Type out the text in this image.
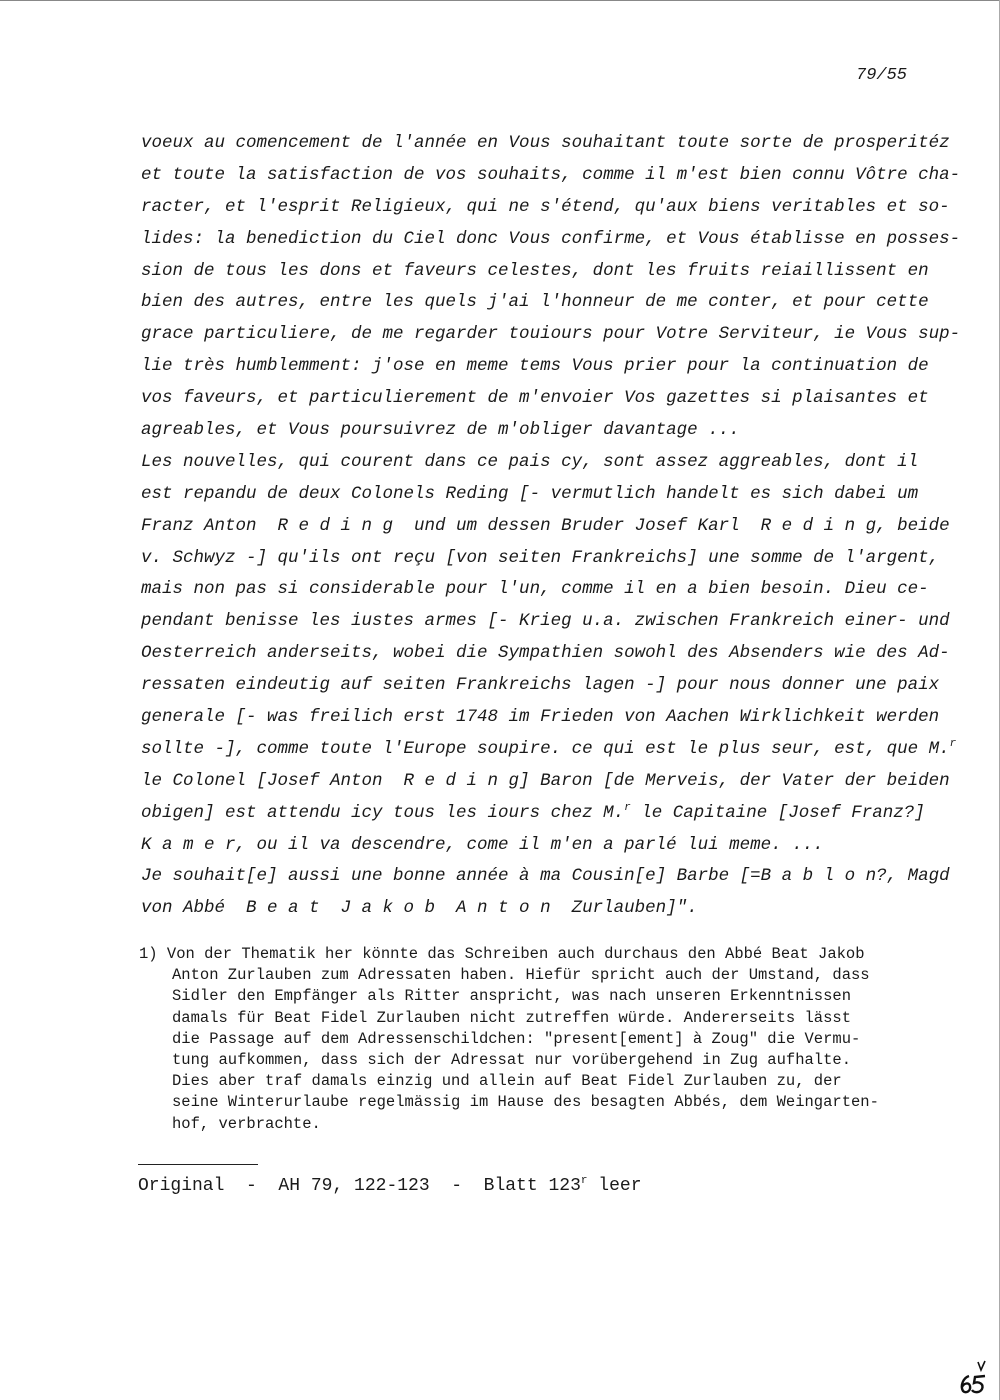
79/55
voeux au comencement de l'année en Vous souhaitant toute sorte de prosperitéz
et toute la satisfaction de vos souhaits, comme il m'est bien connu Vôtre cha-
racter, et l'esprit Religieux, qui ne s'étend, qu'aux biens veritables et so-
lides: la benediction du Ciel donc Vous confirme, et Vous établisse en posses-
sion de tous les dons et faveurs celestes, dont les fruits reiaillissent en
bien des autres, entre les quels j'ai l'honneur de me conter, et pour cette
grace particuliere, de me regarder touiours pour Votre Serviteur, ie Vous sup-
lie très humblemment: j'ose en meme tems Vous prier pour la continuation de
vos faveurs, et particulierement de m'envoier Vos gazettes si plaisantes et
agreables, et Vous poursuivrez de m'obliger davantage ...
Les nouvelles, qui courent dans ce pais cy, sont assez aggreables, dont il
est repandu de deux Colonels Reding [- vermutlich handelt es sich dabei um
Franz Anton  R e d i n g  und um dessen Bruder Josef Karl  R e d i n g, beide
v. Schwyz -] qu'ils ont reçu [von seiten Frankreichs] une somme de l'argent,
mais non pas si considerable pour l'un, comme il en a bien besoin. Dieu ce-
pendant benisse les iustes armes [- Krieg u.a. zwischen Frankreich einer- und
Oesterreich anderseits, wobei die Sympathien sowohl des Absenders wie des Ad-
ressaten eindeutig auf seiten Frankreichs lagen -] pour nous donner une paix
generale [- was freilich erst 1748 im Frieden von Aachen Wirklichkeit werden
sollte -], comme toute l'Europe soupire. ce qui est le plus seur, est, que M.$^r$
le Colonel [Josef Anton  R e d i n g] Baron [de Merveis, der Vater der beiden
obigen] est attendu icy tous les iours chez M.$^r$ le Capitaine [Josef Franz?]
K a m e r, ou il va descendre, come il m'en a parlé lui meme. ...
Je souhait[e] aussi une bonne année à ma Cousin[e] Barbe [=B a b l o n?, Magd
von Abbé  B e a t  J a k o b  A n t o n  Zurlauben]".
1) Von der Thematik her könnte das Schreiben auch durchaus den Abbé Beat Jakob
Anton Zurlauben zum Adressaten haben. Hiefür spricht auch der Umstand, dass
Sidler den Empfänger als Ritter anspricht, was nach unseren Erkenntnissen
damals für Beat Fidel Zurlauben nicht zutreffen würde. Andererseits lässt
die Passage auf dem Adressenschildchen: "present[ement] à Zoug" die Vermu-
tung aufkommen, dass sich der Adressat nur vorübergehend in Zug aufhalte.
Dies aber traf damals einzig und allein auf Beat Fidel Zurlauben zu, der
seine Winterurlaube regelmässig im Hause des besagten Abbés, dem Weingarten-
hof, verbrachte.
Original  -  AH 79, 122-123  -  Blatt 123$^r$ leer
